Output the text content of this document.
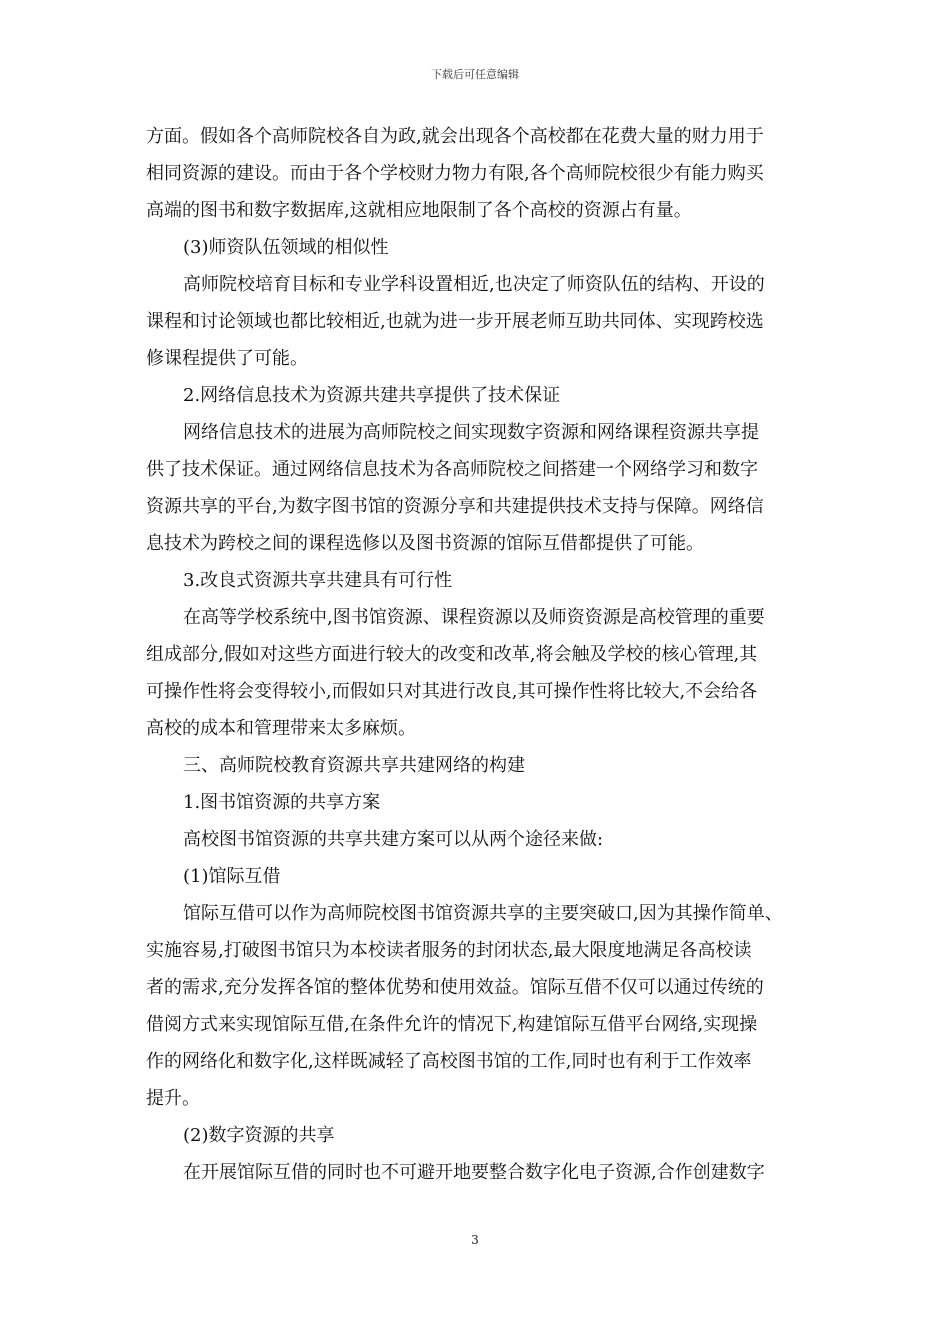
下载后可任意编辑
方面。假如各个高师院校各自为政,就会出现各个高校都在花费大量的财力用于
相同资源的建设。而由于各个学校财力物力有限,各个高师院校很少有能力购买
高端的图书和数字数据库,这就相应地限制了各个高校的资源占有量。
(3)师资队伍领域的相似性
高师院校培育目标和专业学科设置相近,也决定了师资队伍的结构、开设的
课程和讨论领域也都比较相近,也就为进一步开展老师互助共同体、实现跨校选
修课程提供了可能。
2.网络信息技术为资源共建共享提供了技术保证
网络信息技术的进展为高师院校之间实现数字资源和网络课程资源共享提
供了技术保证。通过网络信息技术为各高师院校之间搭建一个网络学习和数字
资源共享的平台,为数字图书馆的资源分享和共建提供技术支持与保障。网络信
息技术为跨校之间的课程选修以及图书资源的馆际互借都提供了可能。
3.改良式资源共享共建具有可行性
在高等学校系统中,图书馆资源、课程资源以及师资资源是高校管理的重要
组成部分,假如对这些方面进行较大的改变和改革,将会触及学校的核心管理,其
可操作性将会变得较小,而假如只对其进行改良,其可操作性将比较大,不会给各
高校的成本和管理带来太多麻烦。
三、高师院校教育资源共享共建网络的构建
1.图书馆资源的共享方案
高校图书馆资源的共享共建方案可以从两个途径来做:
(1)馆际互借
馆际互借可以作为高师院校图书馆资源共享的主要突破口,因为其操作简单、
实施容易,打破图书馆只为本校读者服务的封闭状态,最大限度地满足各高校读
者的需求,充分发挥各馆的整体优势和使用效益。馆际互借不仅可以通过传统的
借阅方式来实现馆际互借,在条件允许的情况下,构建馆际互借平台网络,实现操
作的网络化和数字化,这样既减轻了高校图书馆的工作,同时也有利于工作效率
提升。
(2)数字资源的共享
在开展馆际互借的同时也不可避开地要整合数字化电子资源,合作创建数字
3
